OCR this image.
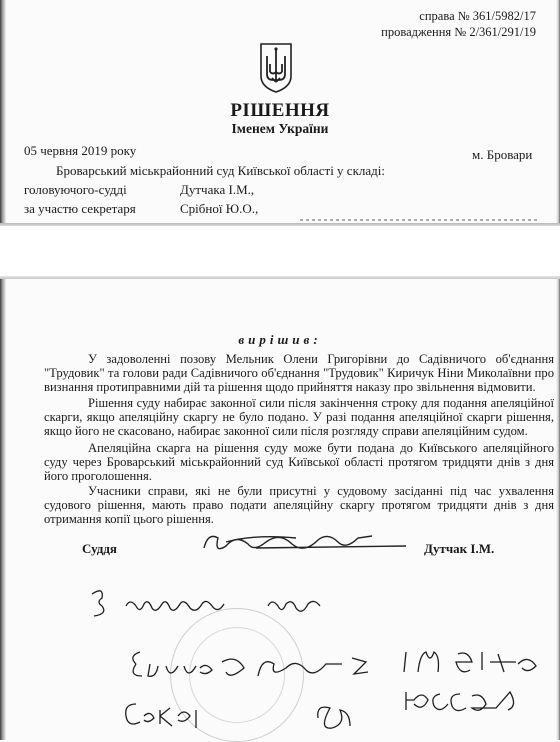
справа № 361/5982/17
провадження № 2/361/291/19
РІШЕННЯ
Іменем України
05 червня 2019 року	м. Бровари
Броварський міськрайонний суд Київської області у складі:
головуючого-судді	Дутчака І.М.,
за участю секретаря	Срібної Ю.О.,
вирішив:

У задоволенні позову Мельник Олени Григорівни до Садівничого об'єднання "Трудовик" та голови ради Садівничого об'єднання "Трудовик" Киричук Ніни Миколаївни про визнання протиправними дій та рішення щодо прийняття наказу про звільнення відмовити.

Рішення суду набирає законної сили після закінчення строку для подання апеляційної скарги, якщо апеляційну скаргу не було подано. У разі подання апеляційної скарги рішення, якщо його не скасовано, набирає законної сили після розгляду справи апеляційним судом.

Апеляційна скарга на рішення суду може бути подана до Київського апеляційного суду через Броварський міськрайонний суд Київської області протягом тридцяти днів з дня його проголошення.

Учасники справи, які не були присутні у судовому засіданні під час ухвалення судового рішення, мають право подати апеляційну скаргу протягом тридцяти днів з дня отримання копії цього рішення.

Суддя	Дутчак І.М.
